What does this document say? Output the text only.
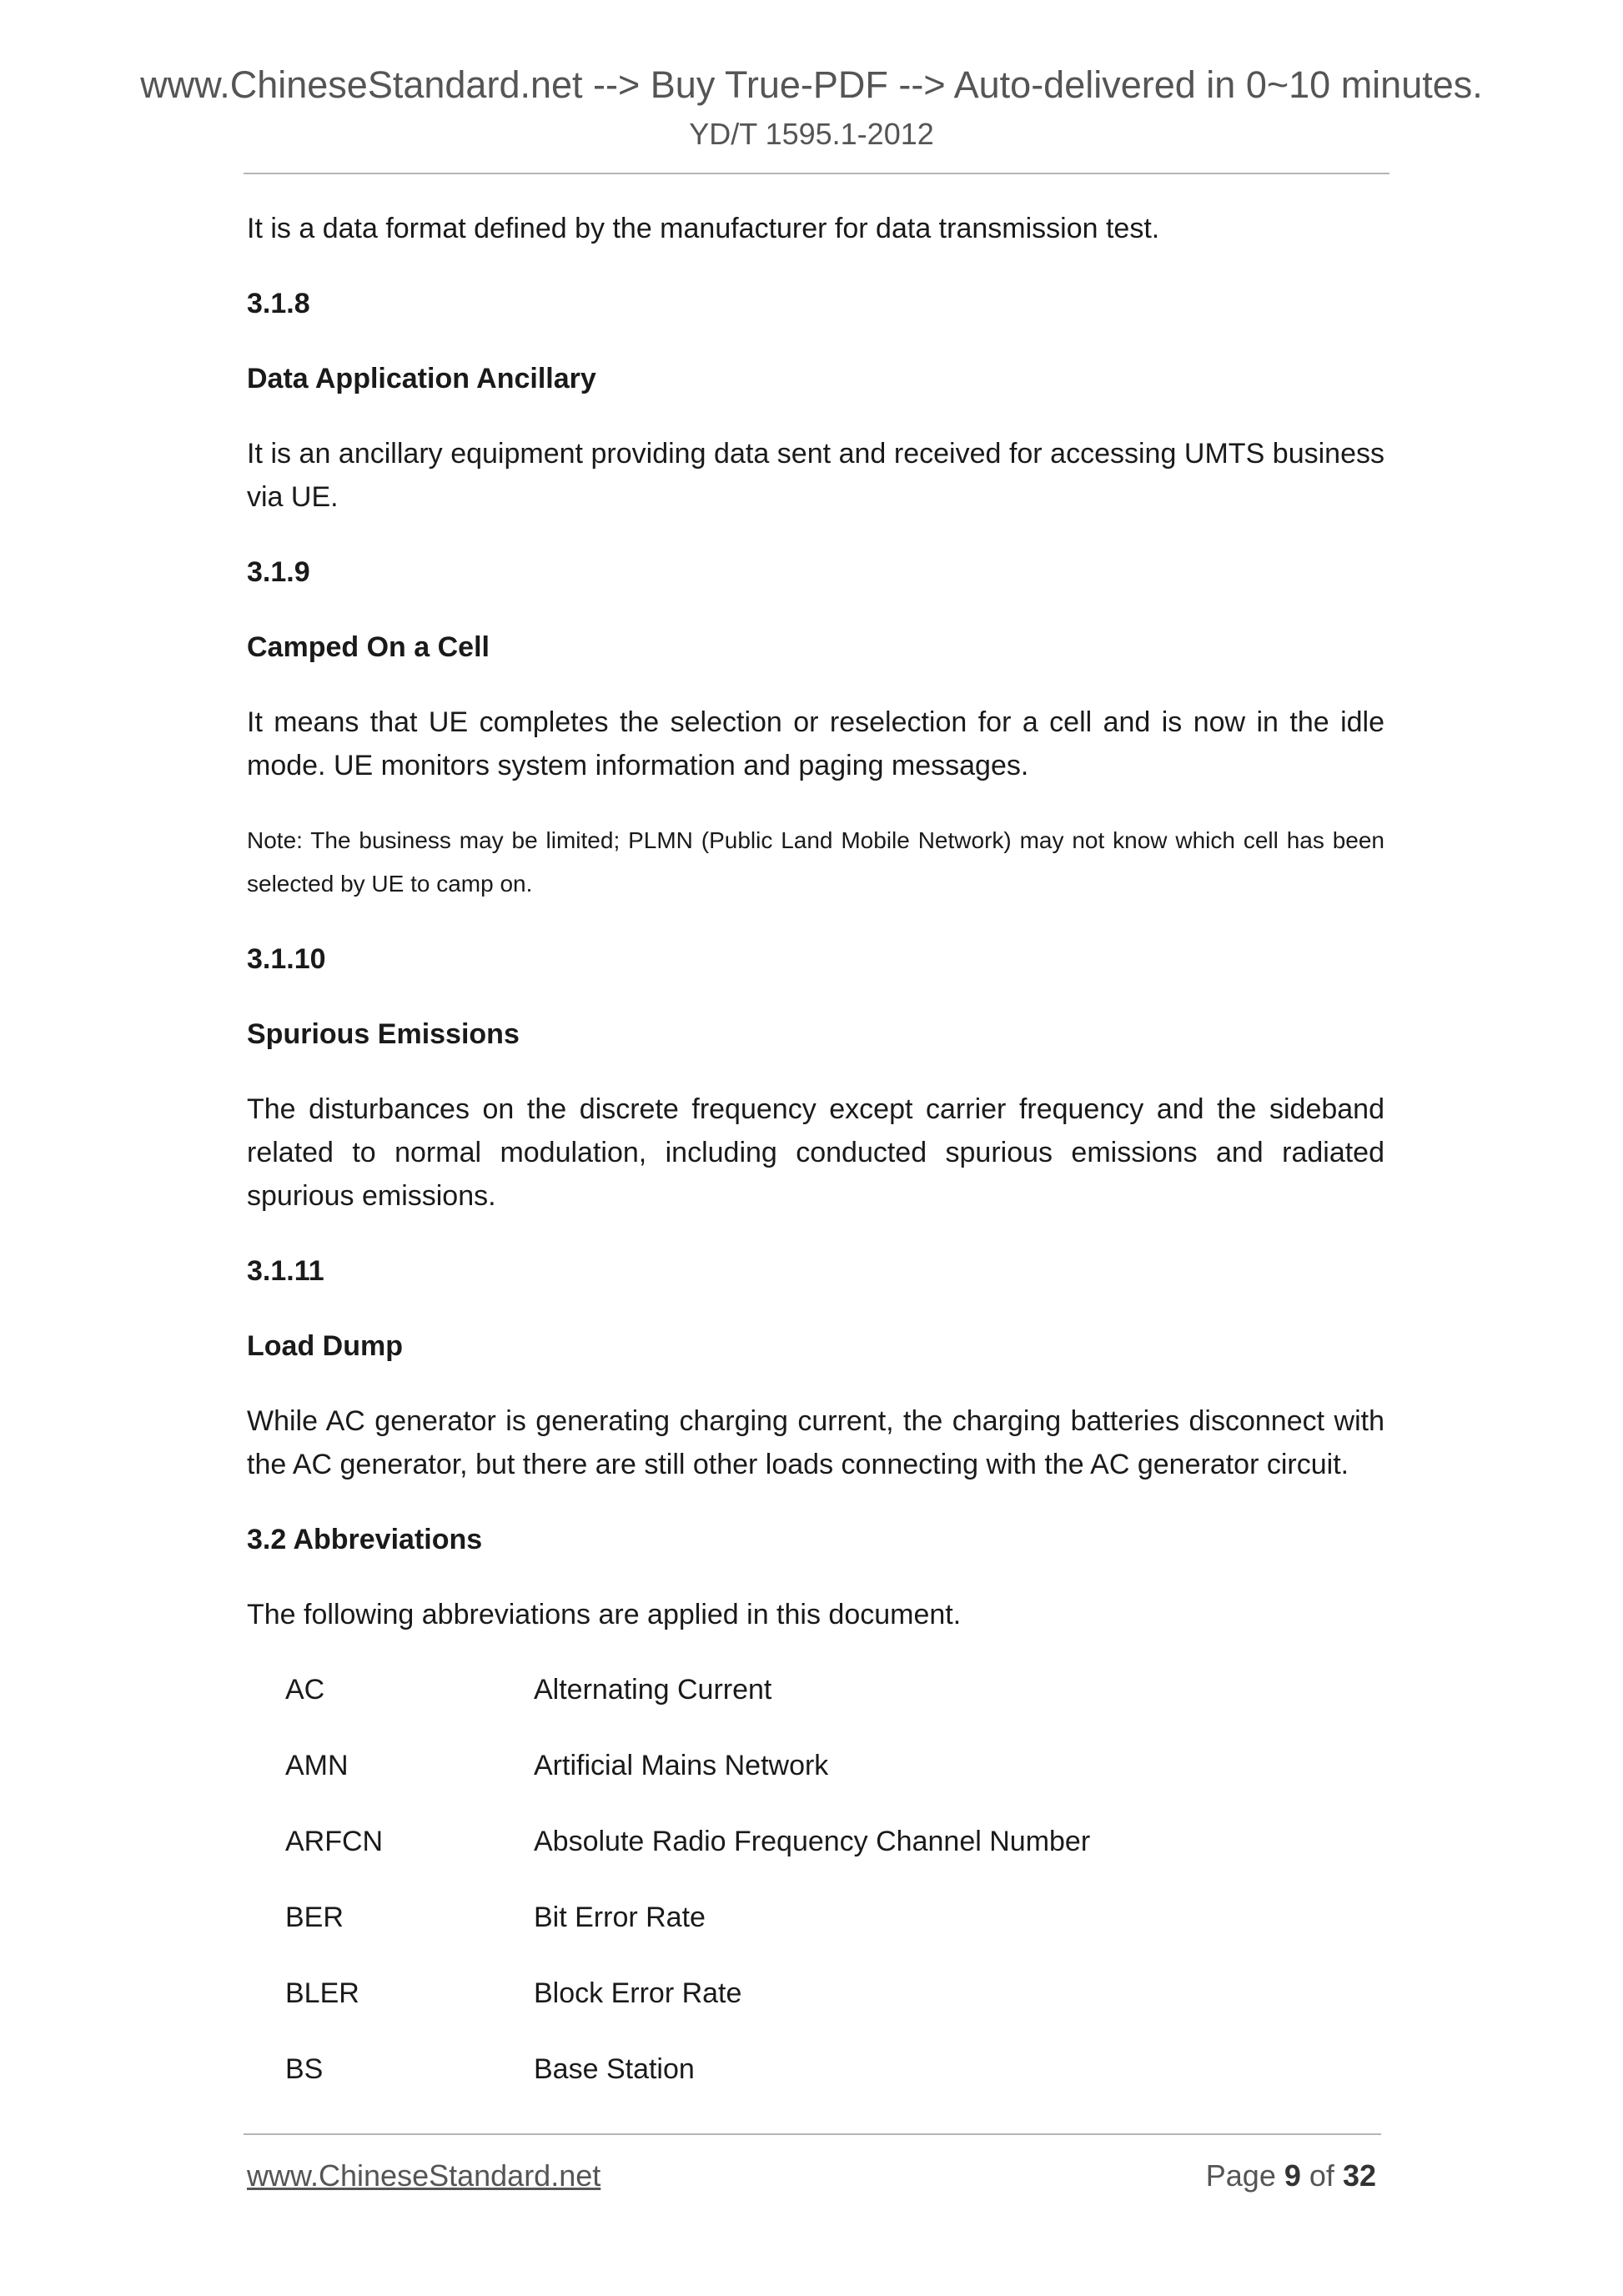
www.ChineseStandard.net --> Buy True-PDF --> Auto-delivered in 0~10 minutes.
YD/T 1595.1-2012

It is a data format defined by the manufacturer for data transmission test.

3.1.8

Data Application Ancillary

It is an ancillary equipment providing data sent and received for accessing UMTS business via UE.

3.1.9

Camped On a Cell

It means that UE completes the selection or reselection for a cell and is now in the idle mode. UE monitors system information and paging messages.

Note: The business may be limited; PLMN (Public Land Mobile Network) may not know which cell has been selected by UE to camp on.

3.1.10

Spurious Emissions

The disturbances on the discrete frequency except carrier frequency and the sideband related to normal modulation, including conducted spurious emissions and radiated spurious emissions.

3.1.11

Load Dump

While AC generator is generating charging current, the charging batteries disconnect with the AC generator, but there are still other loads connecting with the AC generator circuit.

3.2 Abbreviations

The following abbreviations are applied in this document.

AC	Alternating Current
AMN	Artificial Mains Network
ARFCN	Absolute Radio Frequency Channel Number
BER	Bit Error Rate
BLER	Block Error Rate
BS	Base Station
www.ChineseStandard.net	Page 9 of 32
